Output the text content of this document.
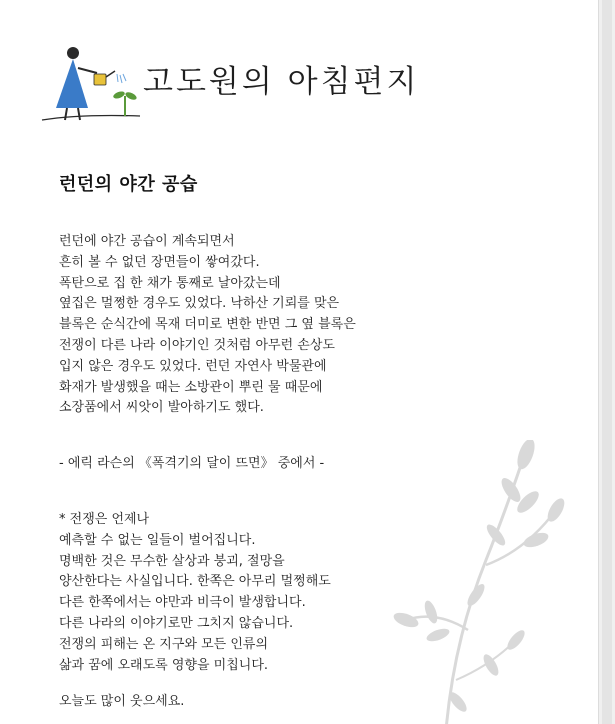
고도원의 아침편지
런던의 야간 공습
런던에 야간 공습이 계속되면서
흔히 볼 수 없던 장면들이 쌓여갔다.
폭탄으로 집 한 채가 통째로 날아갔는데
옆집은 멀쩡한 경우도 있었다. 낙하산 기뢰를 맞은
블록은 순식간에 목재 더미로 변한 반면 그 옆 블록은
전쟁이 다른 나라 이야기인 것처럼 아무런 손상도
입지 않은 경우도 있었다. 런던 자연사 박물관에
화재가 발생했을 때는 소방관이 뿌린 물 때문에
소장품에서 씨앗이 발아하기도 했다.
- 에릭 라슨의 《폭격기의 달이 뜨면》 중에서 -
* 전쟁은 언제나
예측할 수 없는 일들이 벌어집니다.
명백한 것은 무수한 살상과 붕괴, 절망을
양산한다는 사실입니다. 한쪽은 아무리 멀쩡해도
다른 한쪽에서는 야만과 비극이 발생합니다.
다른 나라의 이야기로만 그치지 않습니다.
전쟁의 피해는 온 지구와 모든 인류의
삶과 꿈에 오래도록 영향을 미칩니다.
오늘도 많이 웃으세요.
